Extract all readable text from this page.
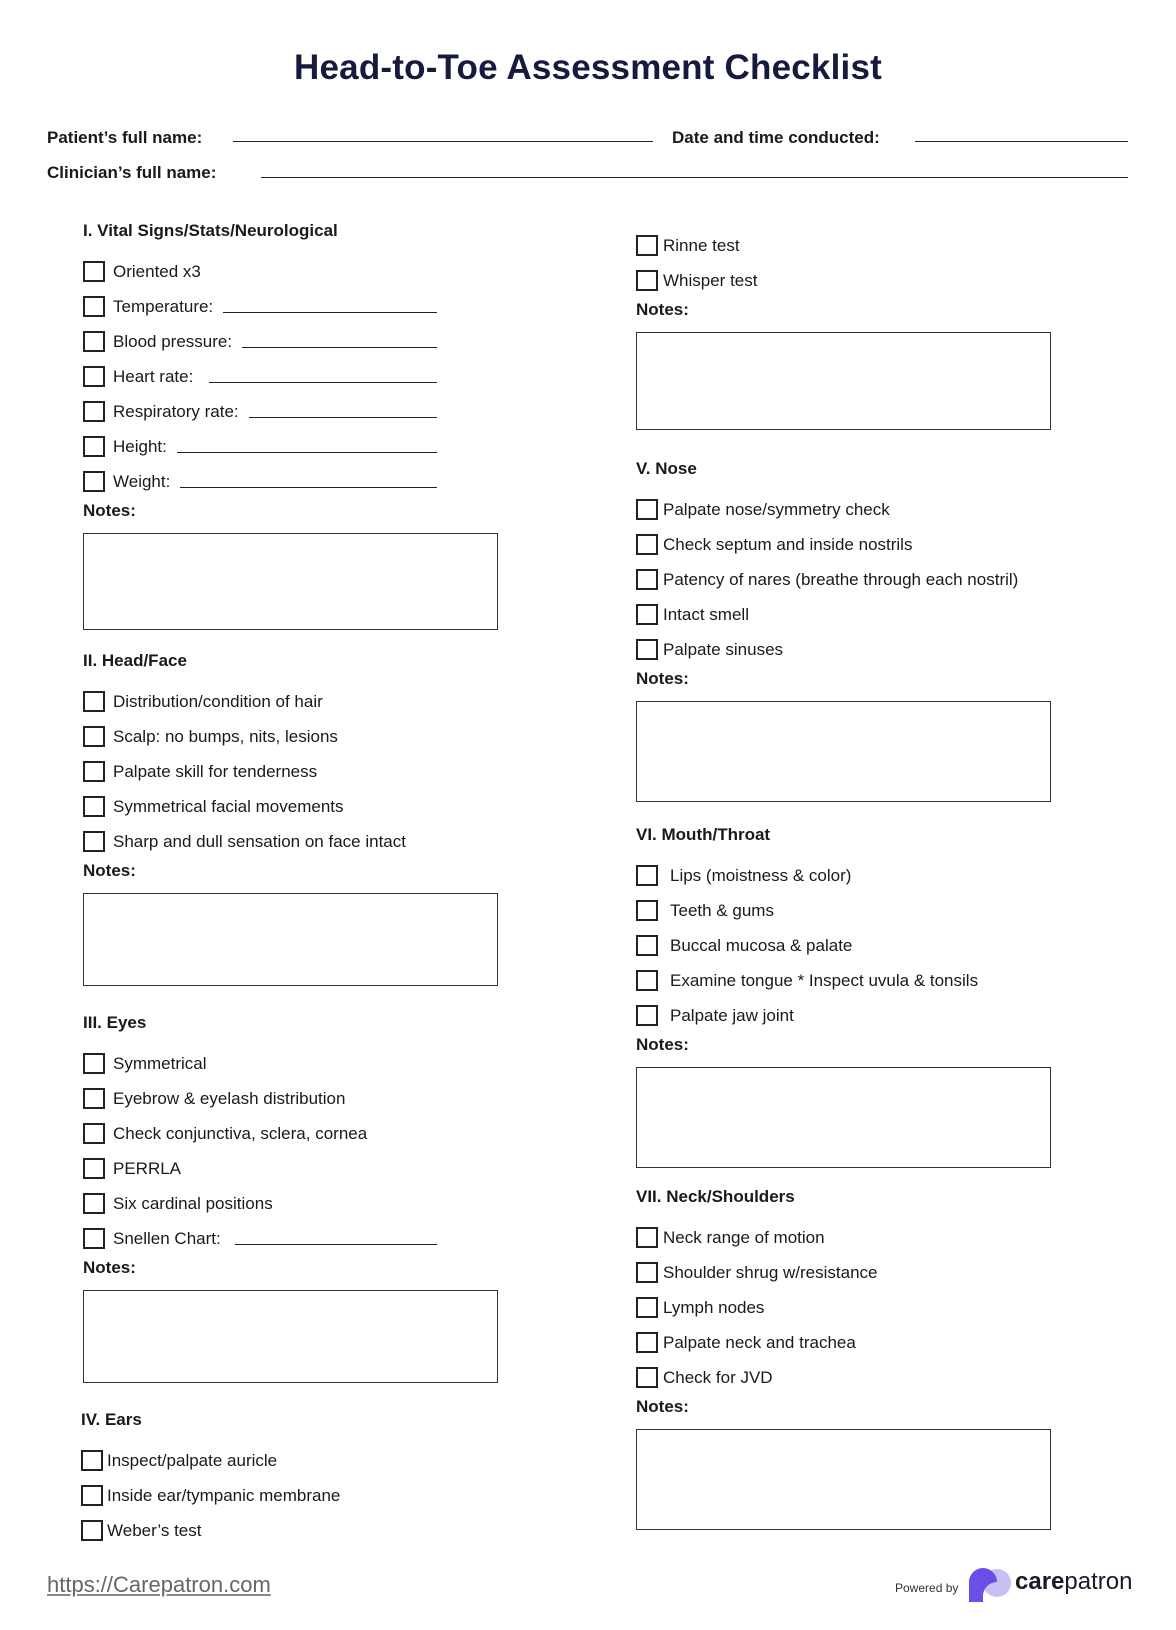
Head-to-Toe Assessment Checklist
Patient’s full name:	Date and time conducted:
Clinician’s full name:
I. Vital Signs/Stats/Neurological
Oriented x3
Temperature:
Blood pressure:
Heart rate:
Respiratory rate:
Height:
Weight:
Notes:
II. Head/Face
Distribution/condition of hair
Scalp: no bumps, nits, lesions
Palpate skill for tenderness
Symmetrical facial movements
Sharp and dull sensation on face intact
Notes:
III. Eyes
Symmetrical
Eyebrow & eyelash distribution
Check conjunctiva, sclera, cornea
PERRLA
Six cardinal positions
Snellen Chart:
Notes:
IV. Ears
Inspect/palpate auricle
Inside ear/tympanic membrane
Weber’s test
Rinne test
Whisper test
Notes:
V. Nose
Palpate nose/symmetry check
Check septum and inside nostrils
Patency of nares (breathe through each nostril)
Intact smell
Palpate sinuses
Notes:
VI. Mouth/Throat
Lips (moistness & color)
Teeth & gums
Buccal mucosa & palate
Examine tongue * Inspect uvula & tonsils
Palpate jaw joint
Notes:
VII. Neck/Shoulders
Neck range of motion
Shoulder shrug w/resistance
Lymph nodes
Palpate neck and trachea
Check for JVD
Notes:
https://Carepatron.com	Powered by carepatron
